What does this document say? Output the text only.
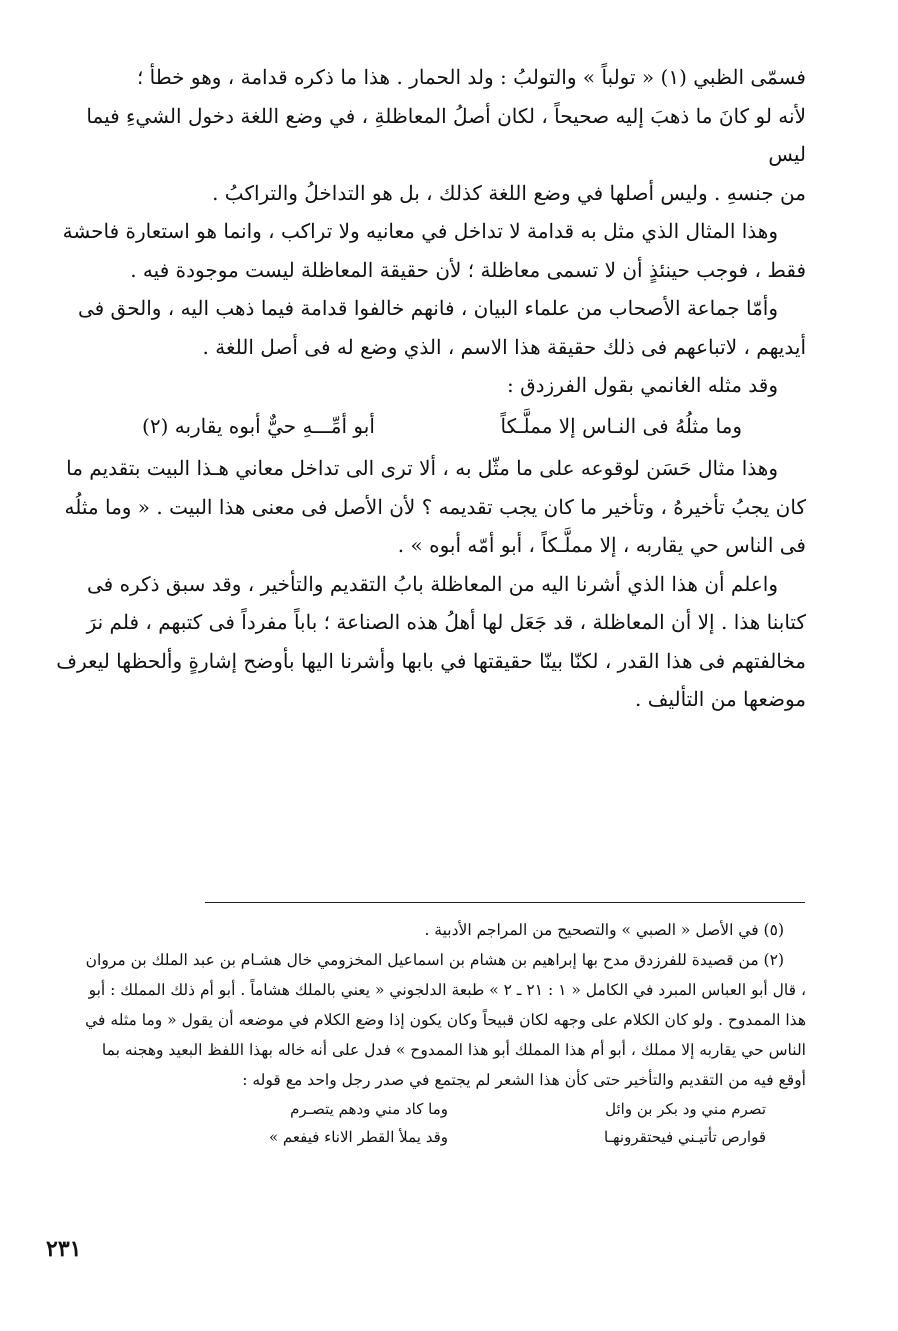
فسمّى الظبي (١) « تولباً » والتولبُ : ولد الحمار . هذا ما ذكره قدامة ، وهو خطأ ؛

لأنه لو كانَ ما ذهبَ إليه صحيحاً ، لكان أصلُ المعاظلةِ ، في وضع اللغة دخول الشيءِ فيما ليس

من جنسهِ . وليس أصلها في وضع اللغة كذلك ، بل هو التداخلُ والتراكبُ .

وهذا المثال الذي مثل به قدامة لا تداخل في معانيه ولا تراكب ، وانما هو استعارة فاحشة فقط ، فوجب حينئذٍ أن لا تسمى معاظلة ؛ لأن حقيقة المعاظلة ليست موجودة فيه .

وأمّا جماعة الأصحاب من علماء البيان ، فانهم خالفوا قدامة فيما ذهب اليه ، والحق فى أيديهم ، لاتباعهم فى ذلك حقيقة هذا الاسم ، الذي وضع له فى أصل اللغة .

وقد مثله الغانمي بقول الفرزدق :

وما مثلُهُ فى النـاس إلا مملَّـكاً
أبو أمِّـــهِ حيٌّ أبوه يقاربه (٢)

وهذا مثال حَسَن لوقوعه على ما مثّل به ، ألا ترى الى تداخل معاني هـذا البيت بتقديم ما كان يجبُ تأخيرهُ ، وتأخير ما كان يجب تقديمه ؟ لأن الأصل فى معنى هذا البيت . « وما مثلُه فى الناس حي يقاربه ، إلا مملَّـكاً ، أبو أمّه أبوه » .

واعلم أن هذا الذي أشرنا اليه من المعاظلة بابُ التقديم والتأخير ، وقد سبق ذكره فى كتابنا هذا . إلا أن المعاظلة ، قد جَعَل لها أهلُ هذه الصناعة ؛ باباً مفرداً فى كتبهم ، فلم نرَ مخالفتهم فى هذا القدر ، لكنّا بينّا حقيقتها في بابها وأشرنا اليها بأوضح إشارةٍ وألحظها ليعرف موضعها من التأليف .

(٥) في الأصل « الصبي » والتصحيح من المراجم الأدبية .

(٢) من قصيدة للفرزدق مدح بها إبراهيم بن هشام بن اسماعيل المخزومي خال هشـام بن عبد الملك بن مروان ، قال أبو العباس المبرد في الكامل « ١ : ٢١ ـ ٢ » طبعة الدلجوني « يعني بالملك هشاماً . أبو أم ذلك المملك : أبو هذا الممدوح . ولو كان الكلام على وجهه لكان قبيحاً وكان يكون إذا وضع الكلام في موضعه أن يقول « وما مثله في الناس حي يقاربه إلا مملك ، أبو أم هذا المملك أبو هذا الممدوح » فدل على أنه خاله بهذا اللفظ البعيد وهجنه بما أوقع فيه من التقديم والتأخير حتى كأن هذا الشعر لم يجتمع في صدر رجل واحد مع قوله :

تصرم مني ود بكر بن وائل
وما كاد مني ودهم يتصـرم
قوارص تأتيـني فيحتقرونهـا
وقد يملأ القطر الاناء فيفعم »
٢٣١
